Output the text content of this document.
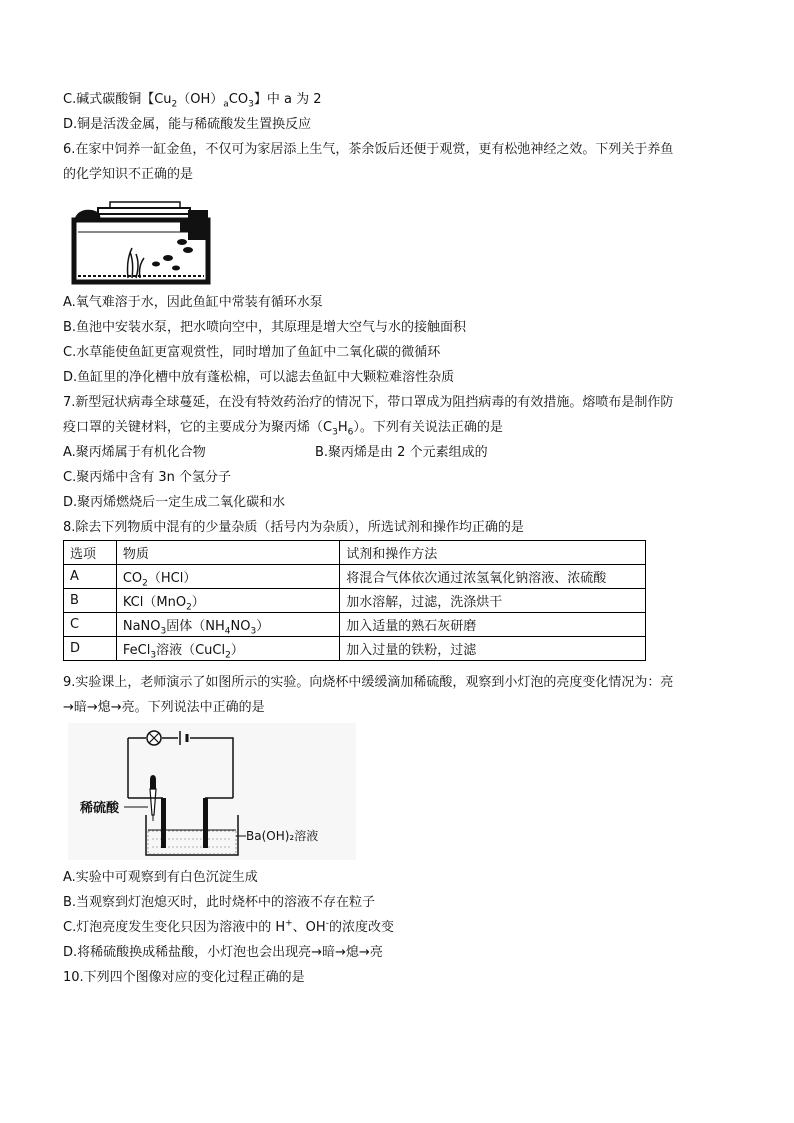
C.碱式碳酸铜【$Cu_2(OH)_aCO_3$】中 a 为 2
D.铜是活泼金属，能与稀硫酸发生置换反应
6.在家中饲养一缸金鱼，不仅可为家居添上生气，茶余饭后还便于观赏，更有松弛神经之效。下列关于养鱼
的化学知识不正确的是
A.氧气难溶于水，因此鱼缸中常装有循环水泵
B.鱼池中安装水泵，把水喷向空中，其原理是增大空气与水的接触面积
C.水草能使鱼缸更富观赏性，同时增加了鱼缸中二氧化碳的微循环
D.鱼缸里的净化槽中放有蓬松棉，可以滤去鱼缸中大颗粒难溶性杂质
7.新型冠状病毒全球蔓延，在没有特效药治疗的情况下，带口罩成为阻挡病毒的有效措施。熔喷布是制作防
疫口罩的关键材料，它的主要成分为聚丙烯$(C_3H_6)$。下列有关说法正确的是
A.聚丙烯属于有机化合物	B.聚丙烯是由 2 个元素组成的
C.聚丙烯中含有 3n 个氢分子
D.聚丙烯燃烧后一定生成二氧化碳和水
8.除去下列物质中混有的少量杂质（括号内为杂质），所选试剂和操作均正确的是
选项	物质	试剂和操作方法
A	$CO_2(HCl)$	将混合气体依次通过浓氢氧化钠溶液、浓硫酸
B	KCl（MnO$_2$）	加水溶解，过滤，洗涤烘干
C	NaNO$_3$固体$(NH_4NO_3)$	加入适量的熟石灰研磨
D	FeCl$_3$溶液（CuCl$_2$）	加入过量的铁粉，过滤
9.实验课上，老师演示了如图所示的实验。向烧杯中缓缓滴加稀硫酸，观察到小灯泡的亮度变化情况为：亮
→暗→熄→亮。下列说法中正确的是
稀硫酸
Ba(OH)₂溶液
A.实验中可观察到有白色沉淀生成
B.当观察到灯泡熄灭时，此时烧杯中的溶液不存在粒子
C.灯泡亮度发生变化只因为溶液中的 H+、OH-的浓度改变
D.将稀硫酸换成稀盐酸，小灯泡也会出现亮→暗→熄→亮
10.下列四个图像对应的变化过程正确的是
